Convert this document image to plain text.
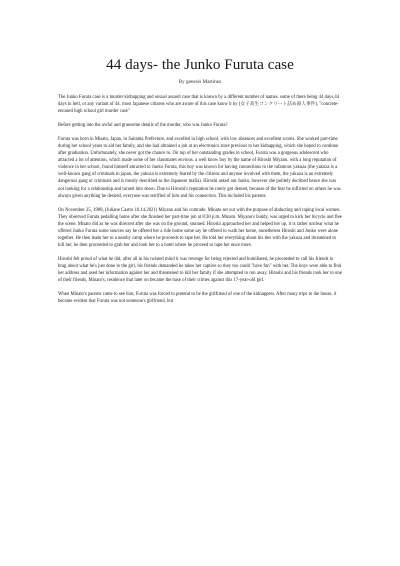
44 days- the Junko Furuta case
By genesis Martinez

The Junko Furuta case is a murder kidnapping and sexual assault case that is known by a different number of names. some of there being 44 days,44 days in hell, or any variant of 44. most Japanese citizens who are aware of this case know it by (女子高生コンクリート詰め殺人事件), "concrete-encased high school girl murder case"

Before getting into the awful and gruesome details of the murder, who was Junko Furuta?

Furuta was born in Misato, Japan, in Saitama Prefecture, and excelled in high school, with low absences and excellent scores. She worked part-time during her school years to aid her family, and she had obtained a job at an electronics store previous to her kidnapping, which she hoped to continue after graduation. Unfortunately, she never got the chance to. On top of her outstanding grades in school, Furuta was a gorgeous adolescent who attracted a lot of attention, which made some of her classmates envious. a well know boy by the name of Hiroshi Miyano. with a long reputation of violence in her school, found himself attracted to Junko Furuta, this boy was known for having connections to the infamous yakuza (the yakuza is a well-known gang of criminals in japan, the yakuza is extremely feared by the citizens and anyone involved with them, the yakuza is an extremely dangerous gang or criminals and is mostly described as the Japanese mafia). Hiroshi asked out Junko, however she politely declined hence she was not looking for a relationship and turned him down. Due to Hiroshi's reputation he rarely got denied, because of the fear he inflicted on others he was always given anything he desired, everyone was terrified of him and his connection. This included his parents.

On November 25, 1988, (Juliane Castro 10.14.2021) Miyano and his comrade, Minato set out with the purpose of abducting and raping local women. They observed Furuta pedalling home after she finished her part-time job at 8:30 p.m. Minato. Miyano's buddy, was urged to kick her bicycle and flee the scene. Misato did as he was directed after she was on the ground, stunned. Hiroshi approached her and helped her up. it is rather unclear what he offered Junko Furuta some sources say he offered her a ride home some say he offered to walk her home, nonetheless Hiroshi and Junko were alone together. He then leads her to a nearby camp where he proceeds to rape her. He told her everything about his ties with the yakuza and threatened to kill her, he then proceeded to grab her and took her to a hotel where he proceed to rape her once more.

Hiroshi felt proud of what he did, after all in his twisted mind it was revenge for being rejected and humiliated, he proceeded to call his friends to brag about what he's just done to the girl, his friends demanded he takes her captive so they too could "have fun" with her. The boys were able to find her address and used her information against her and threatened to kill her family if she attempted to run away. Hiroshi and his friends took her to one of their friends, Minato's, residence that later on became the base of their crimes against this 17-year-old girl.

When Minato's parents came to see him, Furuta was forced to pretend to be the girlfriend of one of the kidnappers. After many trips to the house, it became evident that Furuta was not someone's girlfriend, but
